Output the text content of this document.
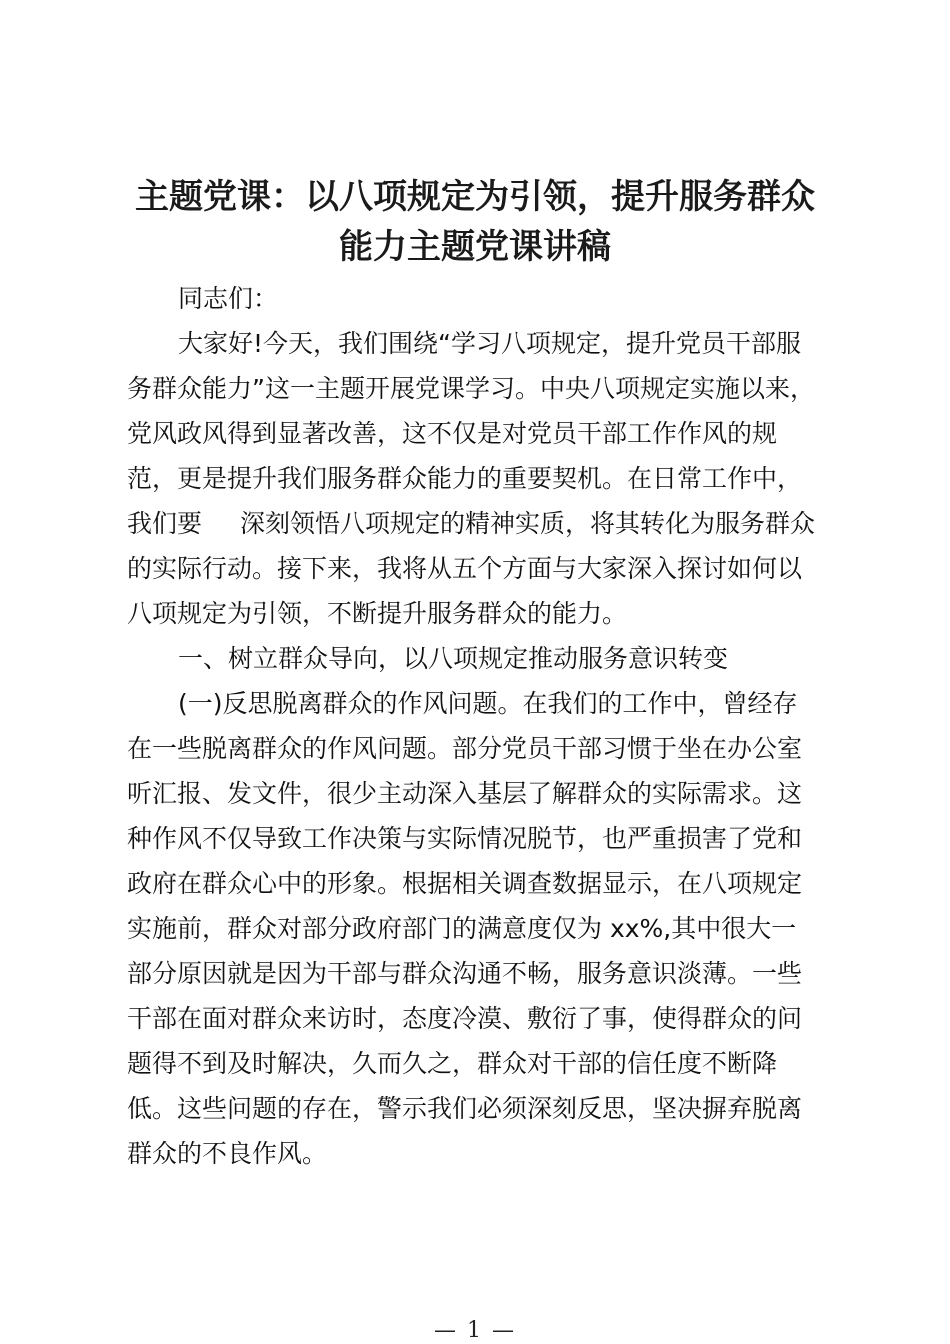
主题党课：以八项规定为引领，提升服务群众
能力主题党课讲稿
同志们：
大家好!今天，我们围绕“学习八项规定，提升党员干部服
务群众能力”这一主题开展党课学习。中央八项规定实施以来，
党风政风得到显著改善，这不仅是对党员干部工作作风的规
范，更是提升我们服务群众能力的重要契机。在日常工作中，
我们要 深刻领悟八项规定的精神实质，将其转化为服务群众
的实际行动。接下来，我将从五个方面与大家深入探讨如何以
八项规定为引领，不断提升服务群众的能力。
一、树立群众导向，以八项规定推动服务意识转变
(一)反思脱离群众的作风问题。在我们的工作中，曾经存
在一些脱离群众的作风问题。部分党员干部习惯于坐在办公室
听汇报、发文件，很少主动深入基层了解群众的实际需求。这
种作风不仅导致工作决策与实际情况脱节，也严重损害了党和
政府在群众心中的形象。根据相关调查数据显示，在八项规定
实施前，群众对部分政府部门的满意度仅为 xx%,其中很大一
部分原因就是因为干部与群众沟通不畅，服务意识淡薄。一些
干部在面对群众来访时，态度冷漠、敷衍了事，使得群众的问
题得不到及时解决，久而久之，群众对干部的信任度不断降
低。这些问题的存在，警示我们必须深刻反思，坚决摒弃脱离
群众的不良作风。
— 1 —
